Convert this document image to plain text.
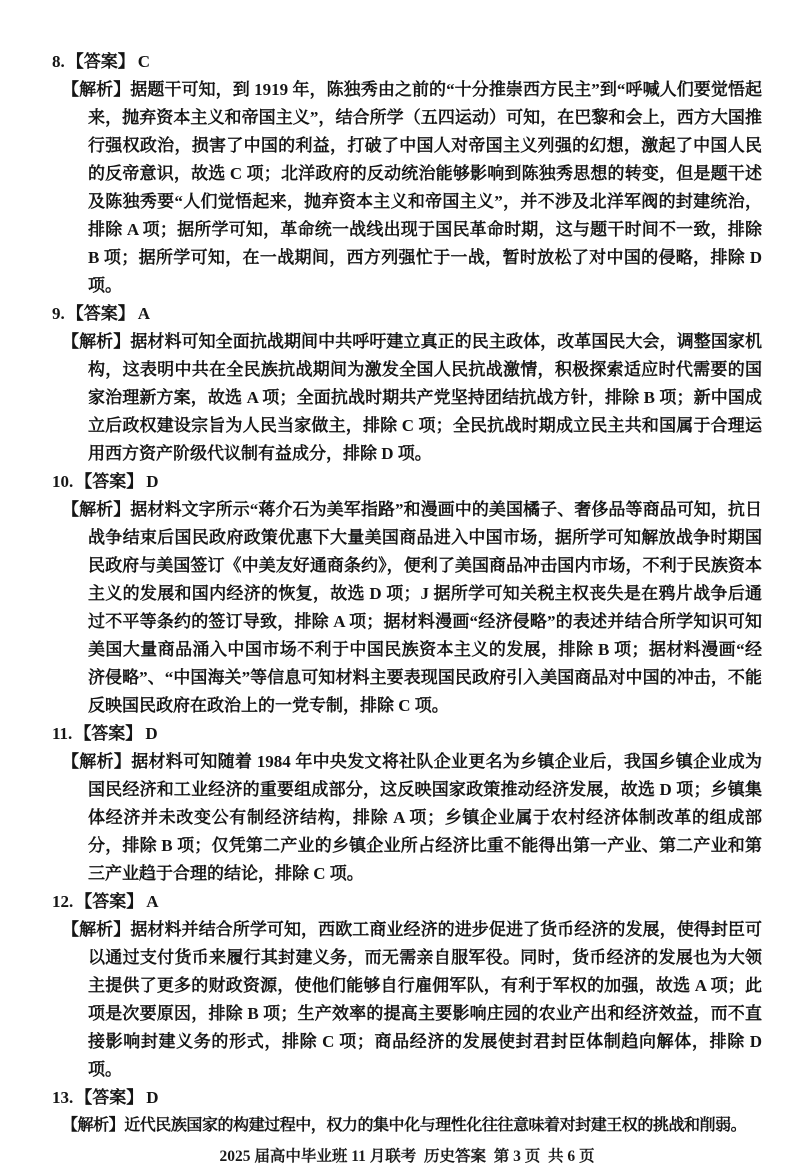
8. 【答案】 C

【解析】据题干可知，到 1919 年，陈独秀由之前的“十分推崇西方民主”到“呼喊人们要觉悟起来，抛弃资本主义和帝国主义”，结合所学（五四运动）可知，在巴黎和会上，西方大国推行强权政治，损害了中国的利益，打破了中国人对帝国主义列强的幻想，激起了中国人民的反帝意识，故选 C 项；北洋政府的反动统治能够影响到陈独秀思想的转变，但是题干述及陈独秀要“人们觉悟起来，抛弃资本主义和帝国主义”，并不涉及北洋军阀的封建统治，排除 A 项；据所学可知，革命统一战线出现于国民革命时期，这与题干时间不一致，排除 B 项；据所学可知，在一战期间，西方列强忙于一战，暂时放松了对中国的侵略，排除 D 项。

9. 【答案】 A

【解析】据材料可知全面抗战期间中共呼吁建立真正的民主政体，改革国民大会，调整国家机构，这表明中共在全民族抗战期间为激发全国人民抗战激情，积极探索适应时代需要的国家治理新方案，故选 A 项；全面抗战时期共产党坚持团结抗战方针，排除 B 项；新中国成立后政权建设宗旨为人民当家做主，排除 C 项；全民抗战时期成立民主共和国属于合理运用西方资产阶级代议制有益成分，排除 D 项。

10. 【答案】 D

【解析】据材料文字所示“蒋介石为美军指路”和漫画中的美国橘子、奢侈品等商品可知，抗日战争结束后国民政府政策优惠下大量美国商品进入中国市场，据所学可知解放战争时期国民政府与美国签订《中美友好通商条约》，便利了美国商品冲击国内市场，不利于民族资本主义的发展和国内经济的恢复，故选 D 项；J 据所学可知关税主权丧失是在鸦片战争后通过不平等条约的签订导致，排除 A 项；据材料漫画“经济侵略”的表述并结合所学知识可知美国大量商品涌入中国市场不利于中国民族资本主义的发展，排除 B 项；据材料漫画“经济侵略”、“中国海关”等信息可知材料主要表现国民政府引入美国商品对中国的冲击，不能反映国民政府在政治上的一党专制，排除 C 项。

11. 【答案】 D

【解析】据材料可知随着 1984 年中央发文将社队企业更名为乡镇企业后，我国乡镇企业成为国民经济和工业经济的重要组成部分，这反映国家政策推动经济发展，故选 D 项；乡镇集体经济并未改变公有制经济结构，排除 A 项；乡镇企业属于农村经济体制改革的组成部分，排除 B 项；仅凭第二产业的乡镇企业所占经济比重不能得出第一产业、第二产业和第三产业趋于合理的结论，排除 C 项。

12. 【答案】 A

【解析】据材料并结合所学可知，西欧工商业经济的进步促进了货币经济的发展，使得封臣可以通过支付货币来履行其封建义务，而无需亲自服军役。同时，货币经济的发展也为大领主提供了更多的财政资源，使他们能够自行雇佣军队，有利于军权的加强，故选 A 项；此项是次要原因，排除 B 项；生产效率的提高主要影响庄园的农业产出和经济效益，而不直接影响封建义务的形式，排除 C 项；商品经济的发展使封君封臣体制趋向解体，排除 D 项。

13. 【答案】 D

【解析】近代民族国家的构建过程中，权力的集中化与理性化往往意味着对封建王权的挑战和削弱。

2025 届高中毕业班 11 月联考  历史答案  第 3 页  共 6 页
